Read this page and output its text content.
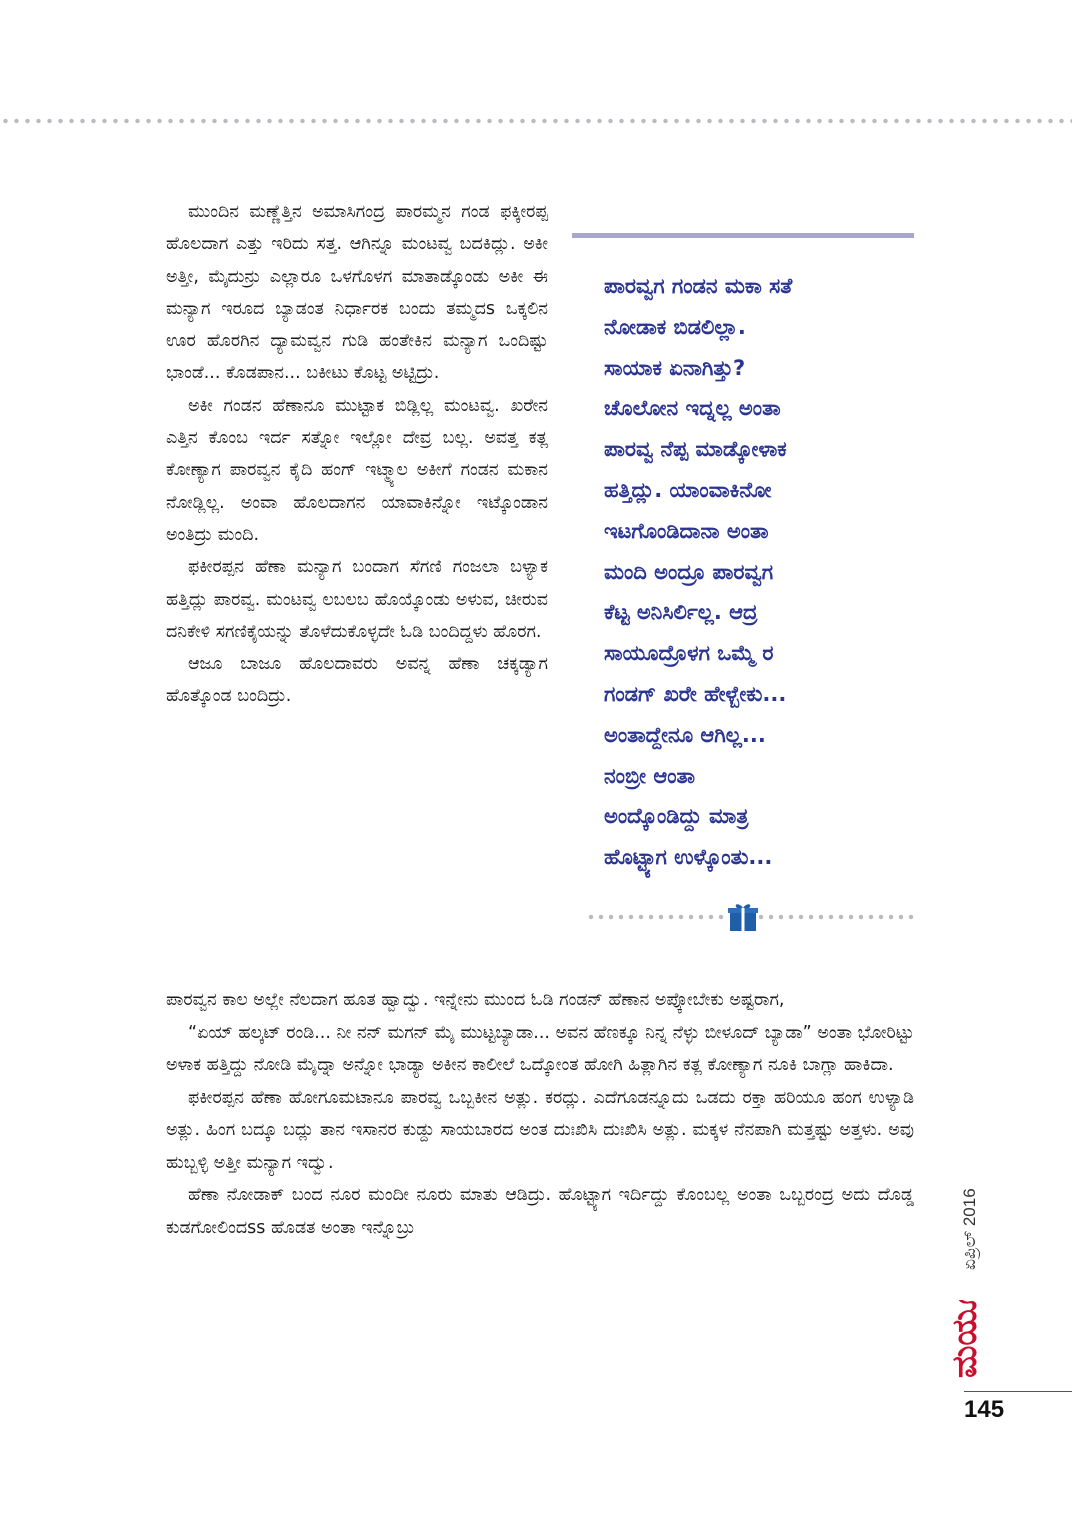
ಮುಂದಿನ ಮಣ್ಣೆತ್ತಿನ ಅಮಾಸಿಗಂದ್ರ ಪಾರಮ್ಮನ ಗಂಡ ಫಕ್ಕೀರಪ್ಪ ಹೊಲದಾಗ ಎತ್ತು ಇರಿದು ಸತ್ತ. ಆಗಿನ್ನೂ ಮಂಟವ್ವ ಬದಕಿದ್ಲು. ಅಕೀ ಅತ್ತೀ, ಮೈದುನ್ರು ಎಲ್ಲಾರೂ ಒಳಗೊಳಗ ಮಾತಾಡ್ಕೊಂಡು ಅಕೀ ಈ ಮನ್ಯಾಗ ಇರೂದ ಬ್ಯಾಡಂತ ನಿರ್ಧಾರಕ ಬಂದು ತಮ್ಮದs ಒಕ್ಕಲಿನ ಊರ ಹೊರಗಿನ ದ್ಯಾಮವ್ವನ ಗುಡಿ ಹಂತೇಕಿನ ಮನ್ಯಾಗ ಒಂದಿಷ್ಟು ಭಾಂಡೆ... ಕೊಡಪಾನ... ಬಕೀಟು ಕೊಟ್ಟ ಅಟ್ಟಿದ್ರು.

ಅಕೀ ಗಂಡನ ಹೆಣಾನೂ ಮುಟ್ಟಾಕ ಬಿಡ್ಲಿಲ್ಲ ಮಂಟವ್ವ. ಖರೇನ ಎತ್ತಿನ ಕೊಂಬ ಇರ್ದ ಸತ್ನೋ ಇಲ್ಲೋ ದೇವ್ರ ಬಲ್ಲ. ಅವತ್ತ ಕತ್ಲ ಕೋಣ್ಯಾಗ ಪಾರವ್ವನ ಕೈದಿ ಹಂಗ್ ಇಟ್ಮ್ಯಾಲ ಅಕೀಗೆ ಗಂಡನ ಮಕಾನ ನೋಡ್ಲಿಲ್ಲ. ಅಂವಾ ಹೊಲದಾಗನ ಯಾವಾಕಿನ್ನೋ ಇಟ್ಕೊಂಡಾನ ಅಂತಿದ್ರು ಮಂದಿ.

ಫಕೀರಪ್ಪನ ಹೆಣಾ ಮನ್ಯಾಗ ಬಂದಾಗ ಸೆಗಣಿ ಗಂಜಲಾ ಬಳ್ಯಾಕ ಹತ್ತಿದ್ಲು ಪಾರವ್ವ. ಮಂಟವ್ವ ಲಬಲಬ ಹೊಯ್ಕೊಂಡು ಅಳುವ, ಚೀರುವ ದನಿಕೇಳಿ ಸಗಣಿಕೈಯನ್ನು ತೊಳೆದುಕೊಳ್ಳದೇ ಓಡಿ ಬಂದಿದ್ದಳು ಹೊರಗ.

ಆಜೂ ಬಾಜೂ ಹೊಲದಾವರು ಅವನ್ನ ಹೆಣಾ ಚಕ್ಕಡ್ಯಾಗ ಹೊತ್ಕೊಂಡ ಬಂದಿದ್ರು.

ಪಾರವ್ವಗ ಗಂಡನ ಮಕಾ ಸತೆ
ನೋಡಾಕ ಬಿಡಲಿಲ್ಲಾ.
ಸಾಯಾಕ ಏನಾಗಿತ್ತು?
ಚೊಲೋನ ಇದ್ನಲ್ಲ ಅಂತಾ
ಪಾರವ್ವ ನೆಪ್ಪ ಮಾಡ್ಕೋಳಾಕ
ಹತ್ತಿದ್ಲು. ಯಾಂವಾಕಿನೋ
ಇಟಗೊಂಡಿದಾನಾ ಅಂತಾ
ಮಂದಿ ಅಂದ್ರೂ ಪಾರವ್ವಗ
ಕೆಟ್ಟ ಅನಿಸಿರ್ಲಿಲ್ಲ. ಆದ್ರ
ಸಾಯೂದ್ರೊಳಗ ಒಮ್ಮೆ ರ
ಗಂಡಗ್ ಖರೇ ಹೇಳ್ಬೇಕು...
ಅಂತಾದ್ದೇನೂ ಆಗಿಲ್ಲ...
ನಂಬ್ರೀ ಆಂತಾ
ಅಂದ್ಕೊಂಡಿದ್ದು ಮಾತ್ರ
ಹೊಟ್ಟ್ಯಾಗ ಉಳ್ಕೊಂತು...

ಪಾರವ್ವನ ಕಾಲ ಅಲ್ಲೇ ನೆಲದಾಗ ಹೂತ ಹ್ವಾದ್ವು. ಇನ್ನೇನು ಮುಂದ ಓಡಿ ಗಂಡನ್ ಹೆಣಾನ ಅಪ್ಕೋಬೇಕು ಅಷ್ಟರಾಗ,

“ಏಯ್ ಹಲ್ಕಟ್ ರಂಡಿ... ನೀ ನನ್ ಮಗನ್ ಮೈ ಮುಟ್ಟಬ್ಯಾಡಾ... ಅವನ ಹೆಣಕ್ಕೂ ನಿನ್ನ ನೆಳ್ಳು ಬೀಳೂದ್ ಬ್ಯಾಡಾ” ಅಂತಾ ಭೋರಿಟ್ಟು ಅಳಾಕ ಹತ್ತಿದ್ದು ನೋಡಿ ಮೈದ್ನಾ ಅನ್ನೋ ಭಾಡ್ಯಾ ಅಕೀನ ಕಾಲೀಲೆ ಒದ್ಕೋಂತ ಹೋಗಿ ಹಿತ್ಲಾಗಿನ ಕತ್ಲ ಕೋಣ್ಯಾಗ ನೂಕಿ ಬಾಗ್ಲಾ ಹಾಕಿದಾ.

ಫಕೀರಪ್ಪನ ಹೆಣಾ ಹೋಗೂಮಟಾನೂ ಪಾರವ್ವ ಒಬ್ಬಕೀನ ಅತ್ಲು. ಕರದ್ಲು. ಎದೆಗೂಡನ್ನೂದು ಒಡದು ರಕ್ತಾ ಹರಿಯೂ ಹಂಗ ಉಳ್ಯಾಡಿ ಅತ್ಲು. ಹಿಂಗ ಬದ್ಕೂ ಬದ್ಲು ತಾನ ಇಸಾನರ ಕುಡ್ದು ಸಾಯಬಾರದ ಅಂತ ದುಃಖಿಸಿ ದುಃಖಿಸಿ ಅತ್ಲು. ಮಕ್ಕಳ ನೆನಪಾಗಿ ಮತ್ತಷ್ಟು ಅತ್ತಳು. ಅವು ಹುಬ್ಬಳ್ಳಿ ಅತ್ತೀ ಮನ್ಯಾಗ ಇದ್ವು.

ಹೆಣಾ ನೋಡಾಕ್ ಬಂದ ನೂರ ಮಂದೀ ನೂರು ಮಾತು ಆಡಿದ್ರು. ಹೊಟ್ಟ್ಯಾಗ ಇರ್ದಿದ್ದು ಕೊಂಬಲ್ಲ ಅಂತಾ ಒಬ್ಬರಂದ್ರ ಅದು ದೊಡ್ಡ ಕುಡಗೋಲಿಂದss ಹೊಡತ ಅಂತಾ ಇನ್ನೊಬ್ರು	ಏಪ್ರಿಲ್ 2016
ಮಯೂರ
145
